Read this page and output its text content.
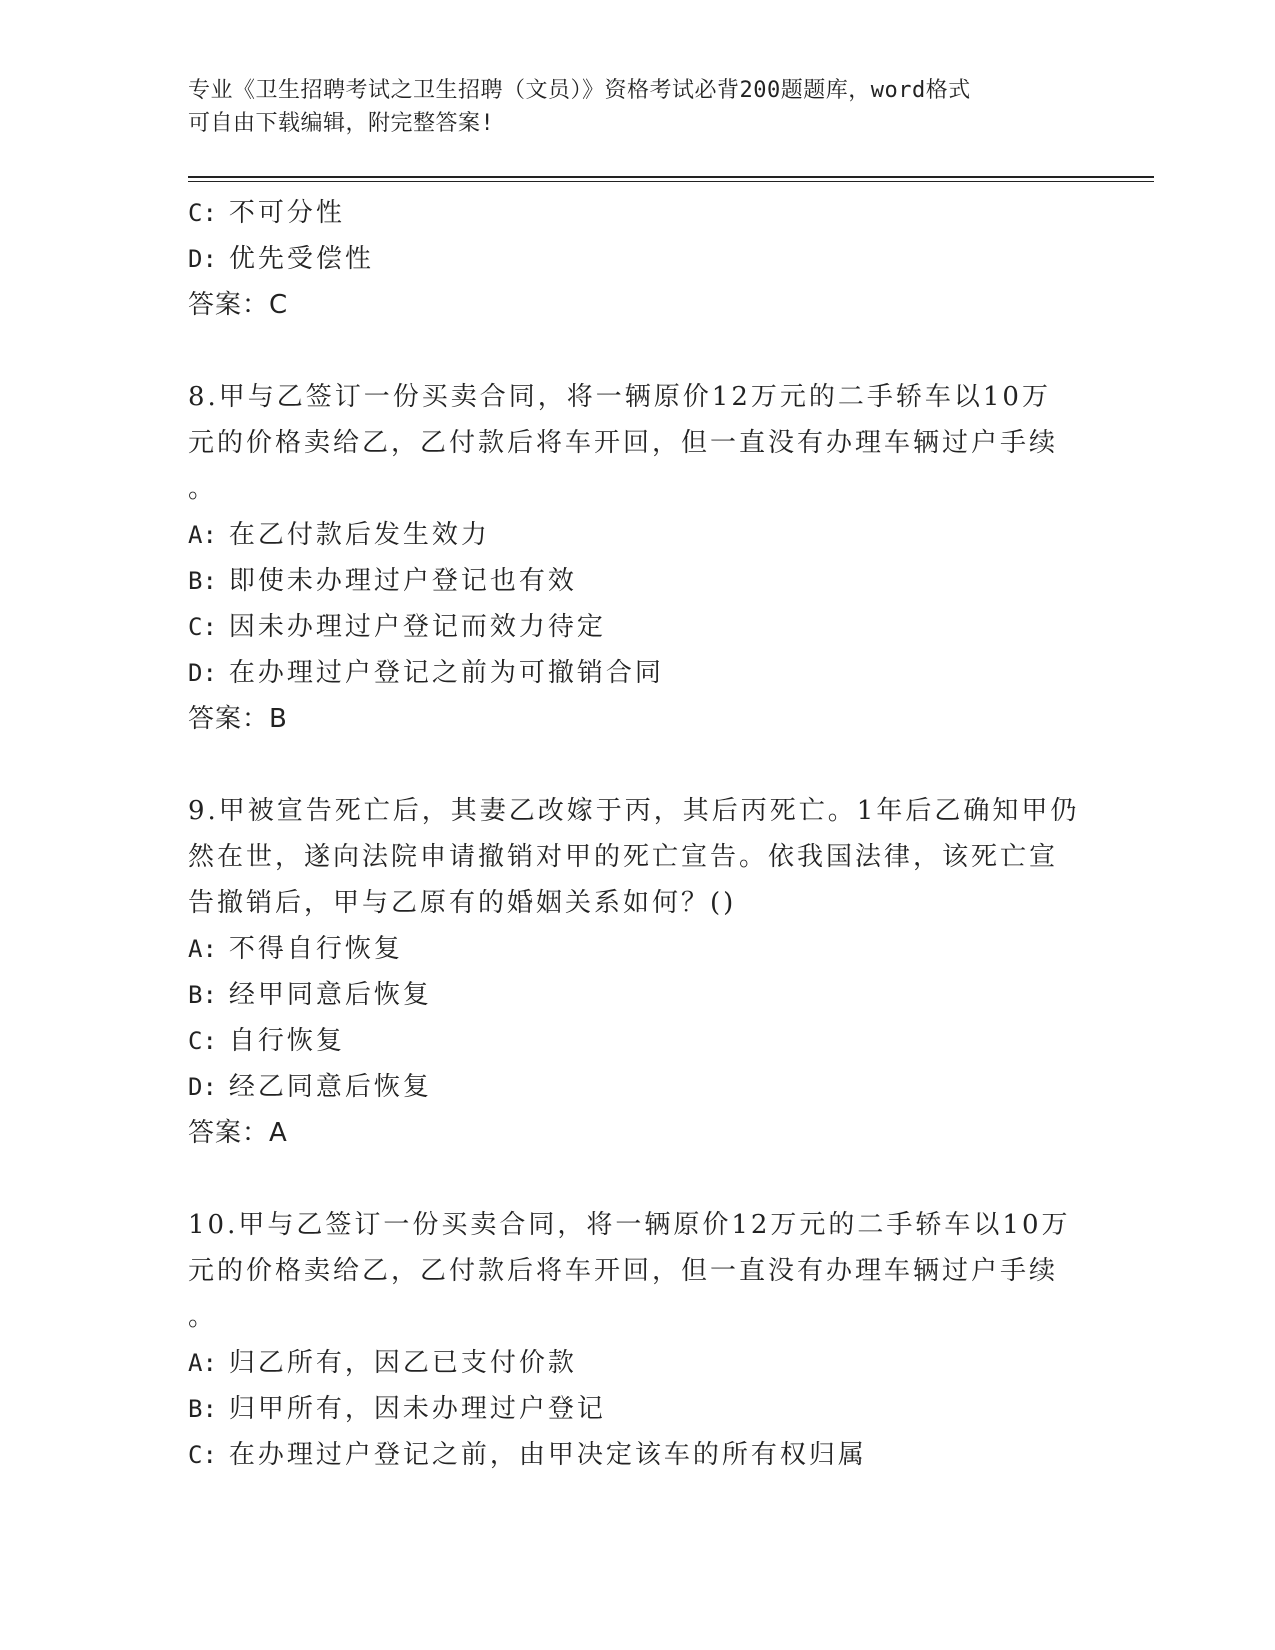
专业《卫生招聘考试之卫生招聘（文员）》资格考试必背200题题库，word格式
可自由下载编辑，附完整答案!
C: 不可分性
D: 优先受偿性
答案：C
8.甲与乙签订一份买卖合同，将一辆原价12万元的二手轿车以10万
元的价格卖给乙，乙付款后将车开回，但一直没有办理车辆过户手续
。
A: 在乙付款后发生效力
B: 即使未办理过户登记也有效
C: 因未办理过户登记而效力待定
D: 在办理过户登记之前为可撤销合同
答案：B
9.甲被宣告死亡后，其妻乙改嫁于丙，其后丙死亡。1年后乙确知甲仍
然在世，遂向法院申请撤销对甲的死亡宣告。依我国法律，该死亡宣
告撤销后，甲与乙原有的婚姻关系如何？()
A: 不得自行恢复
B: 经甲同意后恢复
C: 自行恢复
D: 经乙同意后恢复
答案：A
10.甲与乙签订一份买卖合同，将一辆原价12万元的二手轿车以10万
元的价格卖给乙，乙付款后将车开回，但一直没有办理车辆过户手续
。
A: 归乙所有，因乙已支付价款
B: 归甲所有，因未办理过户登记
C: 在办理过户登记之前，由甲决定该车的所有权归属
